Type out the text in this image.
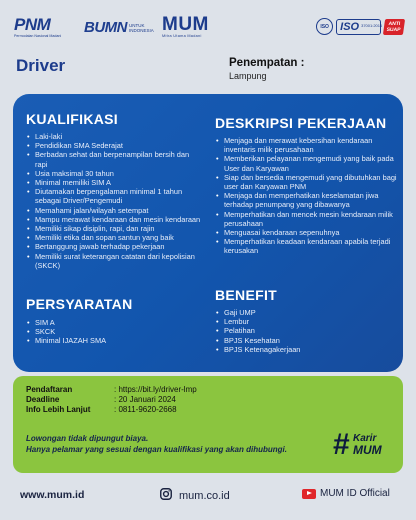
PNM
Permodalan Nasional Madani	BUMN UNTUK INDONESIA MUM
Mitra Utama Madani
ISO	ISO 37001:2016 ANTI
SUAP
Driver	Penempatan :
Lampung
KUALIFIKASI
• Laki-laki
• Pendidikan SMA Sederajat
• Berbadan sehat dan berpenampilan bersih dan rapi
• Usia maksimal 30 tahun
• Minimal memiliki SIM A
• Diutamakan berpengalaman minimal 1 tahun sebagai Driver/Pengemudi
• Memahami jalan/wilayah setempat
• Mampu merawat kendaraan dan mesin kendaraan
• Memiliki sikap disiplin, rapi, dan rajin
• Memiliki etika dan sopan santun yang baik
• Bertanggung jawab terhadap pekerjaan
• Memiliki surat keterangan catatan dari kepolisian (SKCK)
PERSYARATAN
• SIM A
• SKCK
• Minimal IJAZAH SMA
DESKRIPSI PEKERJAAN
• Menjaga dan merawat kebersihan kendaraan inventaris milik perusahaan
• Memberikan pelayanan mengemudi yang baik pada User dan Karyawan
• Siap dan bersedia mengemudi yang dibutuhkan bagi user dan Karyawan PNM
• Menjaga dan memperhatikan keselamatan jiwa terhadap penumpang yang dibawanya
• Memperhatikan dan mencek mesin kendaraan milik perusahaan
• Menguasai kendaraan sepenuhnya
• Memperhatikan keadaan kendaraan apabila terjadi kerusakan
BENEFIT
• Gaji UMP
• Lembur
• Pelatihan
• BPJS Kesehatan
• BPJS Ketenagakerjaan
Pendaftaran	: https://bit.ly/driver-lmp
Deadline	: 20 Januari 2024
Info Lebih Lanjut	: 0811-9620-2668
Lowongan tidak dipungut biaya.
Hanya pelamar yang sesuai dengan kualifikasi yang akan dihubungi. # Karir
MUM
www.mum.id	mum.co.id	MUM ID Official
